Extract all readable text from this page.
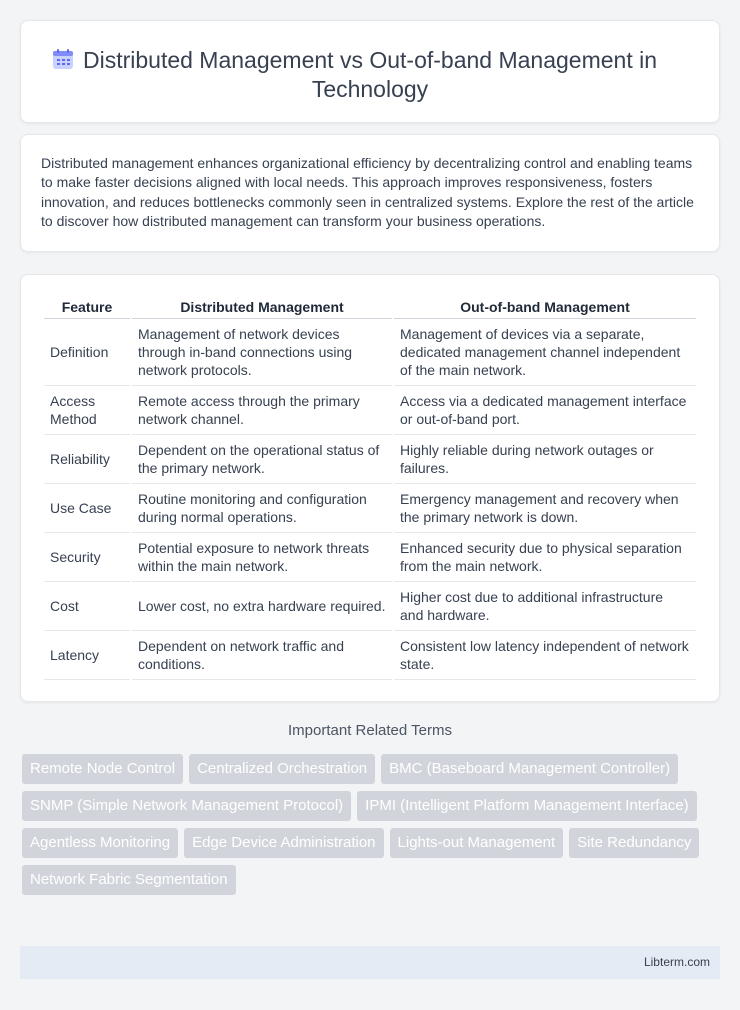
Distributed Management vs Out-of-band Management in Technology

Distributed management enhances organizational efficiency by decentralizing control and enabling teams to make faster decisions aligned with local needs. This approach improves responsiveness, fosters innovation, and reduces bottlenecks commonly seen in centralized systems. Explore the rest of the article to discover how distributed management can transform your business operations.

Feature	Distributed Management	Out-of-band Management
Definition	Management of network devices through in-band connections using network protocols.	Management of devices via a separate, dedicated management channel independent of the main network.
Access Method	Remote access through the primary network channel.	Access via a dedicated management interface or out-of-band port.
Reliability	Dependent on the operational status of the primary network.	Highly reliable during network outages or failures.
Use Case	Routine monitoring and configuration during normal operations.	Emergency management and recovery when the primary network is down.
Security	Potential exposure to network threats within the main network.	Enhanced security due to physical separation from the main network.
Cost	Lower cost, no extra hardware required.	Higher cost due to additional infrastructure and hardware.
Latency	Dependent on network traffic and conditions.	Consistent low latency independent of network state.
Important Related Terms
Remote Node Control	Centralized Orchestration	BMC (Baseboard Management Controller)
SNMP (Simple Network Management Protocol)	IPMI (Intelligent Platform Management Interface)
Agentless Monitoring	Edge Device Administration	Lights-out Management	Site Redundancy
Network Fabric Segmentation
Libterm.com
